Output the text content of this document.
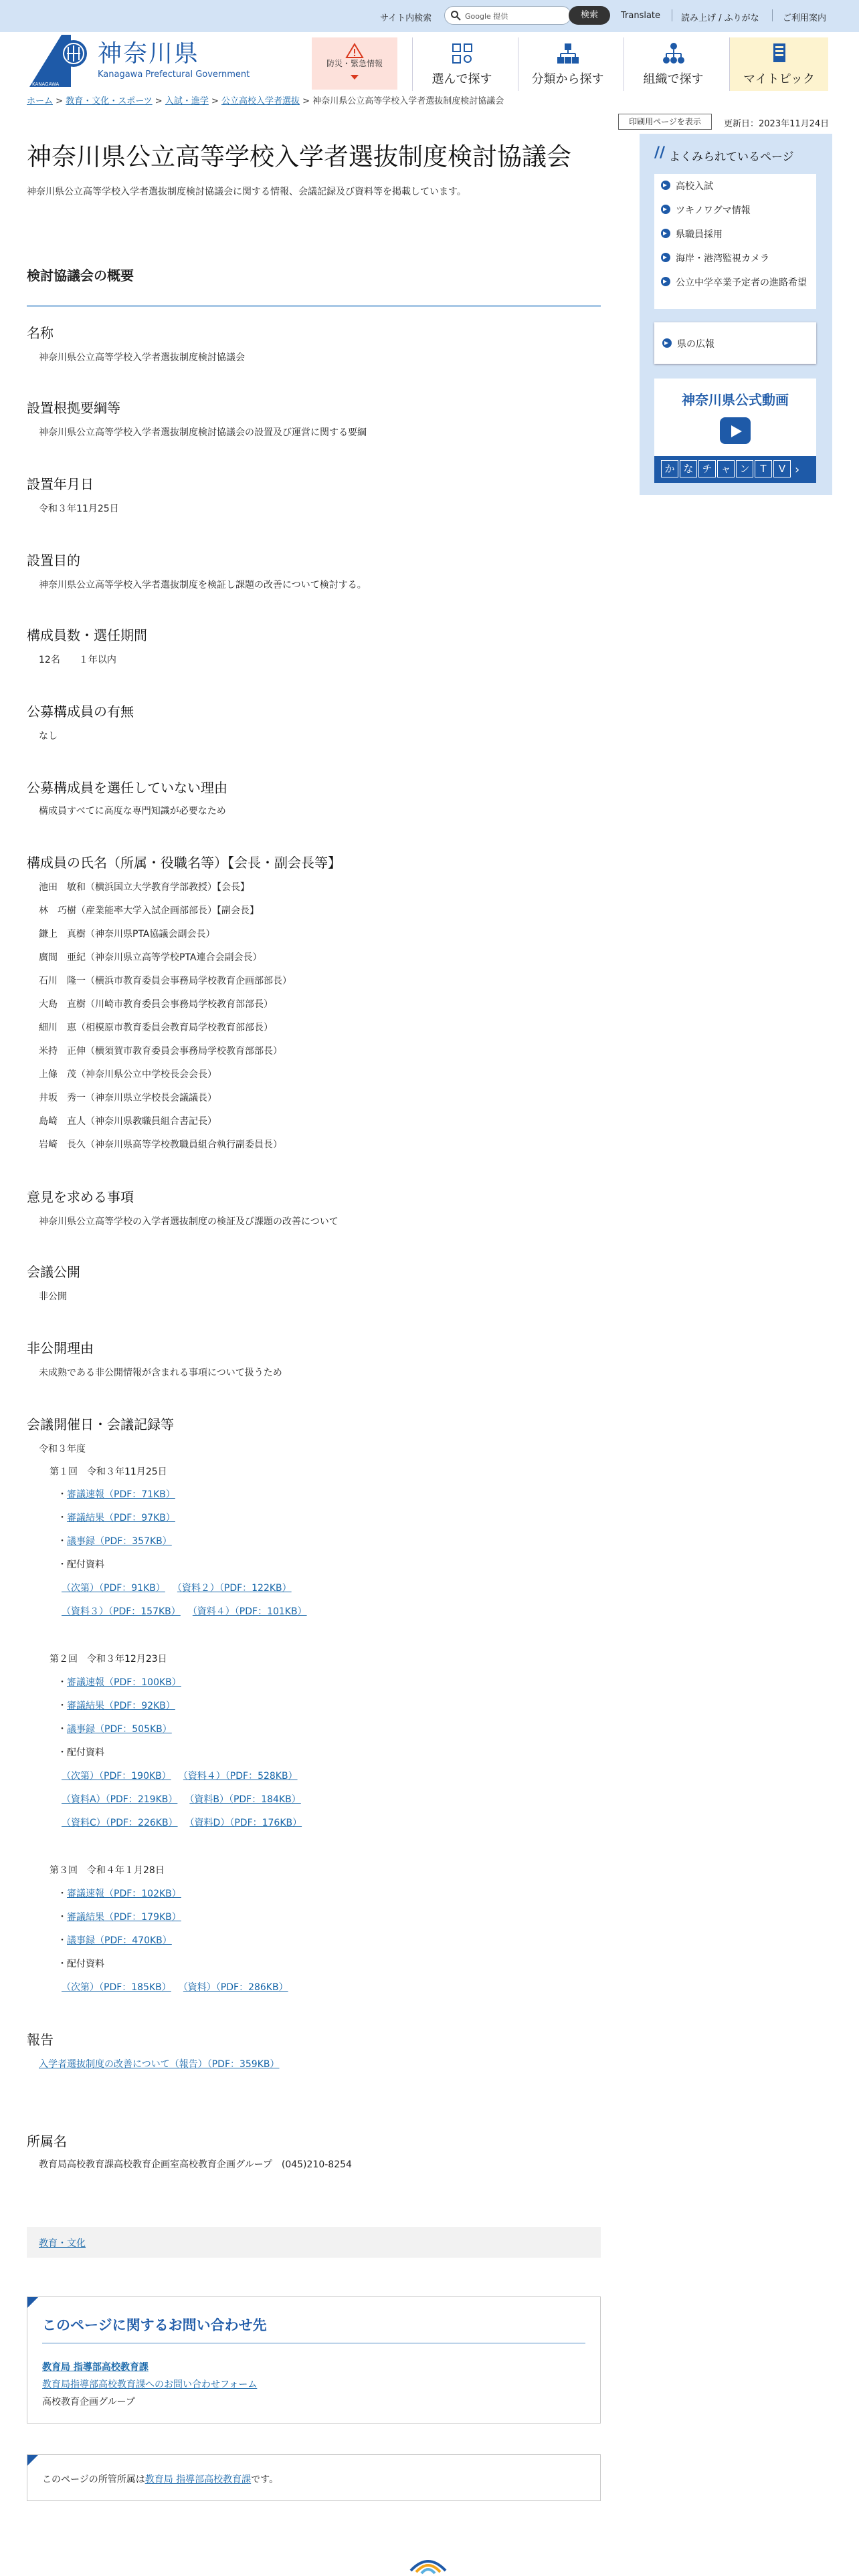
サイト内検索	Google 提供	検索	Translate 読み上げ / ふりがな	ご利用案内
KANAGAWA
神奈川県
Kanagawa Prefectural Government
防災・緊急情報
選んで探す	分類から探す	組織で探す	マイトピック
ホーム > 教育・文化・スポーツ > 入試・進学 > 公立高校入学者選抜 > 神奈川県公立高等学校入学者選抜制度検討協議会
印刷用ページを表示	更新日：2023年11月24日
神奈川県公立高等学校入学者選抜制度検討協議会
神奈川県公立高等学校入学者選抜制度検討協議会に関する情報、会議記録及び資料等を掲載しています。
検討協議会の概要
名称
神奈川県公立高等学校入学者選抜制度検討協議会
設置根拠要綱等
神奈川県公立高等学校入学者選抜制度検討協議会の設置及び運営に関する要綱
設置年月日
令和３年11月25日
設置目的
神奈川県公立高等学校入学者選抜制度を検証し課題の改善について検討する。
構成員数・選任期間
12名　　１年以内
公募構成員の有無
なし
公募構成員を選任していない理由
構成員すべてに高度な専門知識が必要なため
構成員の氏名（所属・役職名等）【会長・副会長等】
池田　敏和（横浜国立大学教育学部教授）【会長】
林　巧樹（産業能率大学入試企画部部長）【副会長】
鎌上　真樹（神奈川県PTA協議会副会長）
廣間　亜紀（神奈川県立高等学校PTA連合会副会長）
石川　隆一（横浜市教育委員会事務局学校教育企画部部長）
大島　直樹（川崎市教育委員会事務局学校教育部部長）
細川　恵（相模原市教育委員会教育局学校教育部部長）
米持　正伸（横須賀市教育委員会事務局学校教育部部長）
上條　茂（神奈川県公立中学校長会会長）
井坂　秀一（神奈川県立学校長会議議長）
島崎　直人（神奈川県教職員組合書記長）
岩崎　長久（神奈川県高等学校教職員組合執行副委員長）
意見を求める事項
神奈川県公立高等学校の入学者選抜制度の検証及び課題の改善について
会議公開
非公開
非公開理由
未成熟である非公開情報が含まれる事項について扱うため
会議開催日・会議記録等
令和３年度
第１回　令和３年11月25日
・審議速報（PDF：71KB）
・審議結果（PDF：97KB）
・議事録（PDF：357KB）
・配付資料
（次第）（PDF：91KB） （資料２）（PDF：122KB）
（資料３）（PDF：157KB） （資料４）（PDF：101KB）
第２回　令和３年12月23日
・審議速報（PDF：100KB）
・審議結果（PDF：92KB）
・議事録（PDF：505KB）
・配付資料
（次第）（PDF：190KB） （資料４）（PDF：528KB）
（資料A）（PDF：219KB） （資料B）（PDF：184KB）
（資料C）（PDF：226KB） （資料D）（PDF：176KB）
第３回　令和４年１月28日
・審議速報（PDF：102KB）
・審議結果（PDF：179KB）
・議事録（PDF：470KB）
・配付資料
（次第）（PDF：185KB） （資料）（PDF：286KB）
報告
入学者選抜制度の改善について（報告）（PDF：359KB）
所属名
教育局高校教育課高校教育企画室高校教育企画グループ　(045)210-8254
教育・文化
このページに関するお問い合わせ先
教育局 指導部高校教育課
教育局指導部高校教育課へのお問い合わせフォーム
高校教育企画グループ
このページの所管所属は教育局 指導部高校教育課です。
// よくみられているページ
高校入試
ツキノワグマ情報
県職員採用
海岸・港湾監視カメラ
公立中学卒業予定者の進路希望
県の広報
神奈川県公式動画
か な チ ャ ン	T	V ›
